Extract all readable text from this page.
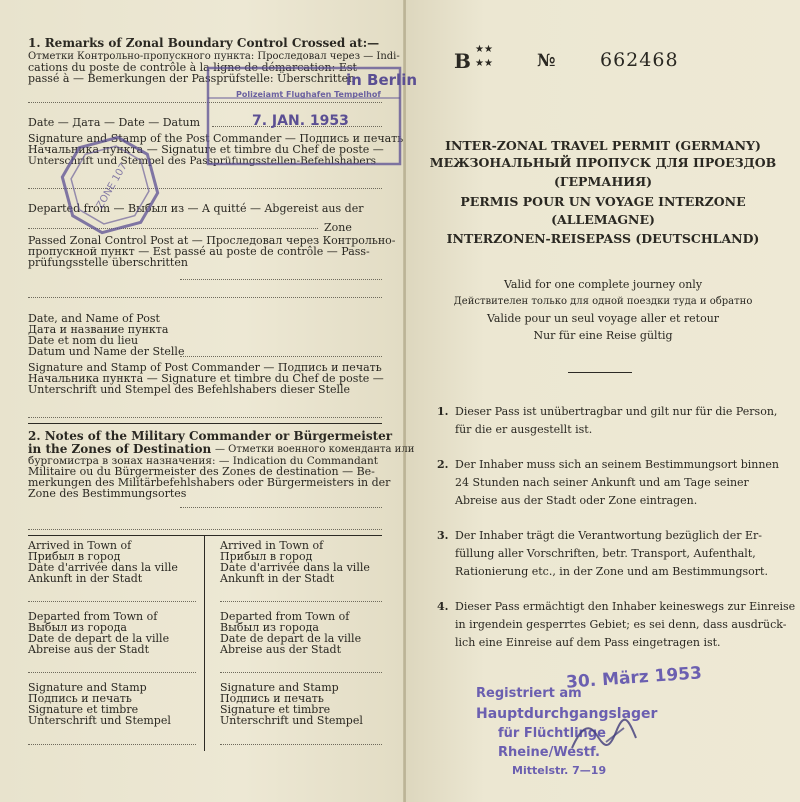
1. Remarks of Zonal Boundary Control Crossed at:—
Отметки Контрольно-пропускного пункта: Проследовал через — Indi-
cations du poste de contrôle à la ligne de démarcation: Est
passé à — Bemerkungen der Passprüfstelle: Überschritten
Date — Дата — Date — Datum
Signature and Stamp of the Post Commander — Подпись и печать
Начальника пункта — Signature et timbre du Chef de poste —
Unterschrift und Stempel des Passprüfungsstellen-Befehlshabers
Departed from — Выбыл из — A quitté — Abgereist aus der
Zone
Passed Zonal Control Post at — Проследовал через Контрольно-
пропускной пункт — Est passé au poste de contrôle — Pass-
prüfungsstelle überschritten
Date, and Name of Post
Дата и название пункта
Date et nom du lieu
Datum und Name der Stelle
Signature and Stamp of Post Commander — Подпись и печать
Начальника пункта — Signature et timbre du Chef de poste —
Unterschrift und Stempel des Befehlshabers dieser Stelle
2. Notes of the Military Commander or Bürgermeister
in the Zones of Destination — Отметки военного коменданта или
бургомистра в зонах назначения: — Indication du Commandant
Militaire ou du Bürgermeister des Zones de destination — Be-
merkungen des Militärbefehlshabers oder Bürgermeisters in der
Zone des Bestimmungsortes
Arrived in Town of
Прибыл в город
Date d'arrivée dans la ville
Ankunft in der Stadt
Departed from Town of
Выбыл из города
Date de depart de la ville
Abreise aus der Stadt
Signature and Stamp
Подпись и печать
Signature et timbre
Unterschrift und Stempel
Arrived in Town of
Прибыл в город
Date d'arrivée dans la ville
Ankunft in der Stadt
Departed from Town of
Выбыл из города
Date de depart de la ville
Abreise aus der Stadt
Signature and Stamp
Подпись и печать
Signature et timbre
Unterschrift und Stempel
ZONE 107
in Berlin
Polizeiamt Flughafen Tempelhof
7. JAN. 1953
B ★★
★★	№ 662468
INTER-ZONAL TRAVEL PERMIT (GERMANY)
МЕЖЗОНАЛЬНЫЙ ПРОПУСК ДЛЯ ПРОЕЗДОВ
(ГЕРМАНИЯ)
PERMIS POUR UN VOYAGE INTERZONE
(ALLEMAGNE)
INTERZONEN-REISEPASS (DEUTSCHLAND)
Valid for one complete journey only
Действителен только для одной поездки туда и обратно
Valide pour un seul voyage aller et retour
Nur für eine Reise gültig
1. Dieser Pass ist unübertragbar und gilt nur für die Person,
für die er ausgestellt ist.
2. Der Inhaber muss sich an seinem Bestimmungsort binnen
24 Stunden nach seiner Ankunft und am Tage seiner
Abreise aus der Stadt oder Zone eintragen.
3. Der Inhaber trägt die Verantwortung bezüglich der Er-
füllung aller Vorschriften, betr. Transport, Aufenthalt,
Rationierung etc., in der Zone und am Bestimmungsort.
4. Dieser Pass ermächtigt den Inhaber keineswegs zur Einreise
in irgendein gesperrtes Gebiet; es sei denn, dass ausdrück-
lich eine Einreise auf dem Pass eingetragen ist.
Registriert am
30. März 1953
Hauptdurchgangslager
für Flüchtlinge
Rheine/Westf.
Mittelstr. 7—19
